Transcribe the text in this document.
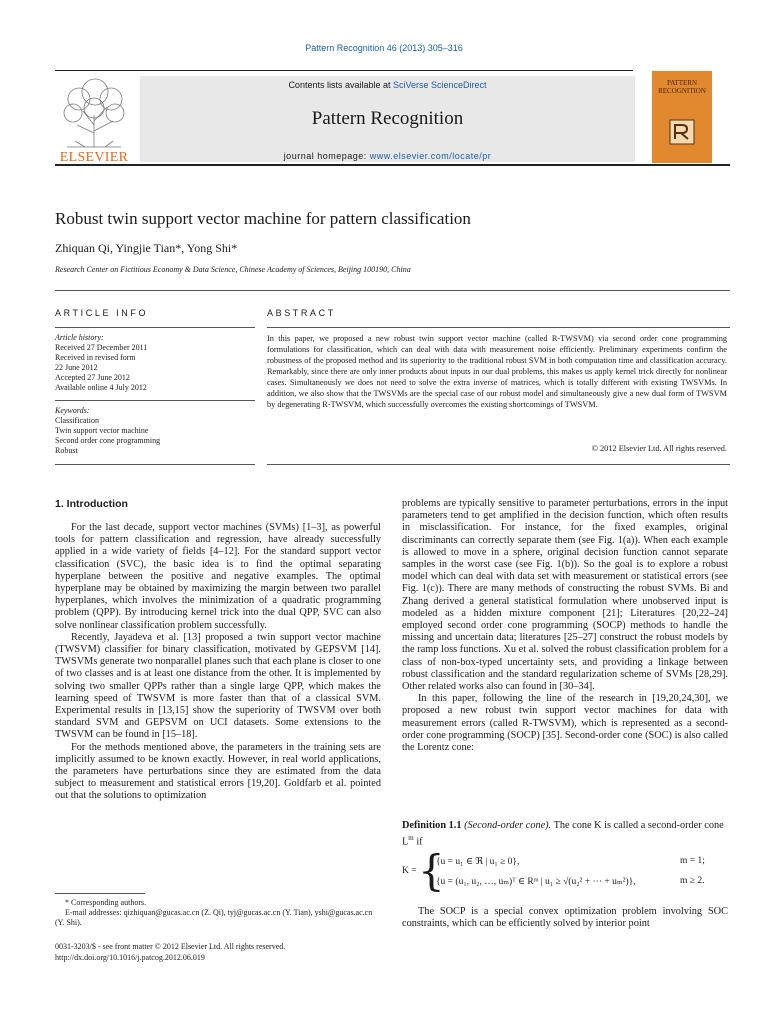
Pattern Recognition 46 (2013) 305–316
ELSEVIER
Contents lists available at SciVerse ScienceDirect
Pattern Recognition
journal homepage: www.elsevier.com/locate/pr
PATTERN RECOGNITION
Robust twin support vector machine for pattern classification
Zhiquan Qi, Yingjie Tian*, Yong Shi*
Research Center on Fictitious Economy & Data Science, Chinese Academy of Sciences, Beijing 100190, China
ARTICLE INFO
Article history:
Received 27 December 2011
Received in revised form
22 June 2012
Accepted 27 June 2012
Available online 4 July 2012
Keywords:
Classification
Twin support vector machine
Second order cone programming
Robust
ABSTRACT
In this paper, we proposed a new robust twin support vector machine (called R-TWSVM) via second order cone programming formulations for classification, which can deal with data with measurement noise efficiently. Preliminary experiments confirm the robustness of the proposed method and its superiority to the traditional robust SVM in both computation time and classification accuracy. Remarkably, since there are only inner products about inputs in our dual problems, this makes us apply kernel trick directly for nonlinear cases. Simultaneously we does not need to solve the extra inverse of matrices, which is totally different with existing TWSVMs. In addition, we also show that the TWSVMs are the special case of our robust model and simultaneously give a new dual form of TWSVM by degenerating R-TWSVM, which successfully overcomes the existing shortcomings of TWSVM.
© 2012 Elsevier Ltd. All rights reserved.
1. Introduction

For the last decade, support vector machines (SVMs) [1–3], as powerful tools for pattern classification and regression, have already successfully applied in a wide variety of fields [4–12]. For the standard support vector classification (SVC), the basic idea is to find the optimal separating hyperplane between the positive and negative examples. The optimal hyperplane may be obtained by maximizing the margin between two parallel hyperplanes, which involves the minimization of a quadratic programming problem (QPP). By introducing kernel trick into the dual QPP, SVC can also solve nonlinear classification problem successfully.

Recently, Jayadeva et al. [13] proposed a twin support vector machine (TWSVM) classifier for binary classification, motivated by GEPSVM [14]. TWSVMs generate two nonparallel planes such that each plane is closer to one of two classes and is at least one distance from the other. It is implemented by solving two smaller QPPs rather than a single large QPP, which makes the learning speed of TWSVM is more faster than that of a classical SVM. Experimental results in [13,15] show the superiority of TWSVM over both standard SVM and GEPSVM on UCI datasets. Some extensions to the TWSVM can be found in [15–18].

For the methods mentioned above, the parameters in the training sets are implicitly assumed to be known exactly. However, in real world applications, the parameters have perturbations since they are estimated from the data subject to measurement and statistical errors [19,20]. Goldfarb et al. pointed out that the solutions to optimization

* Corresponding authors.
E-mail addresses: qizhiquan@gucas.ac.cn (Z. Qi), tyj@gucas.ac.cn (Y. Tian), yshi@gucas.ac.cn (Y. Shi).
0031-3203/$ - see front matter © 2012 Elsevier Ltd. All rights reserved.
http://dx.doi.org/10.1016/j.patcog.2012.06.019

problems are typically sensitive to parameter perturbations, errors in the input parameters tend to get amplified in the decision function, which often results in misclassification. For instance, for the fixed examples, original discriminants can correctly separate them (see Fig. 1(a)). When each example is allowed to move in a sphere, original decision function cannot separate samples in the worst case (see Fig. 1(b)). So the goal is to explore a robust model which can deal with data set with measurement or statistical errors (see Fig. 1(c)). There are many methods of constructing the robust SVMs. Bi and Zhang derived a general statistical formulation where unobserved input is modeled as a hidden mixture component [21]; Literatures [20,22–24] employed second order cone programming (SOCP) methods to handle the missing and uncertain data; literatures [25–27] construct the robust models by the ramp loss functions. Xu et al. solved the robust classification problem for a class of non-box-typed uncertainty sets, and providing a linkage between robust classification and the standard regularization scheme of SVMs [28,29]. Other related works also can found in [30–34].

In this paper, following the line of the research in [19,20,24,30], we proposed a new robust twin support vector machines for data with measurement errors (called R-TWSVM), which is represented as a second-order cone programming (SOCP) [35]. Second-order cone (SOC) is also called the Lorentz cone:

Definition 1.1 (Second-order cone). The cone K is called a second-order cone $L^m$ if
K = {
{u = u₁ ∈ ℜ | u₁ ≥ 0},	m = 1;
{u = (u₁, u₂, …, uₘ)ᵀ ∈ Rᵐ | u₁ ≥ √(u₂² + ⋯ + uₘ²)},	m ≥ 2.
The SOCP is a special convex optimization problem involving SOC constraints, which can be efficiently solved by interior point
